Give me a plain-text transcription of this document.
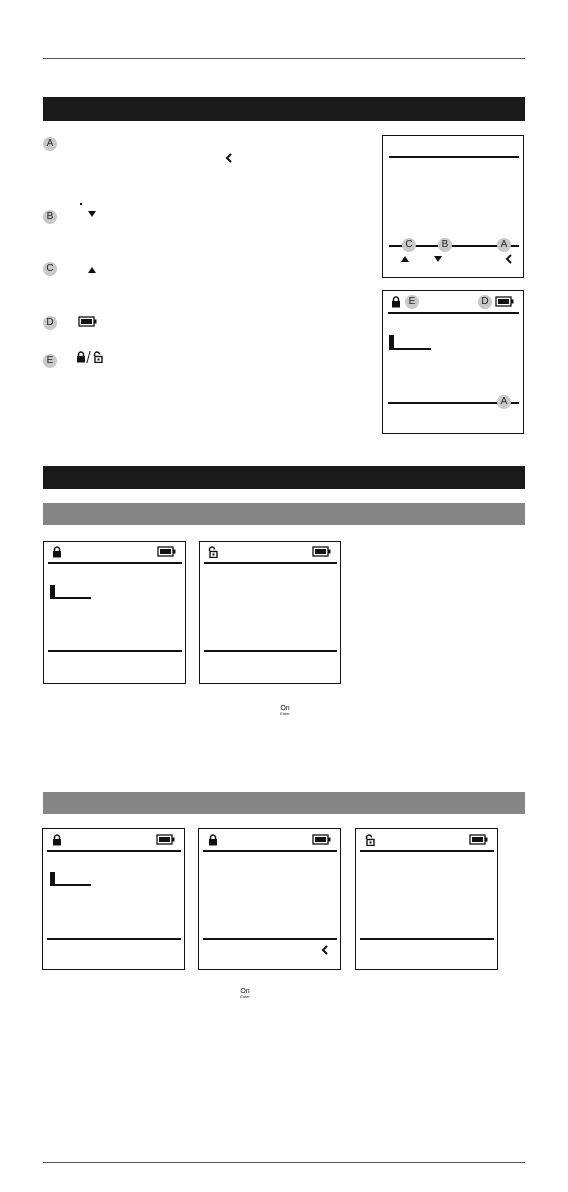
A
B
C
D
E
C	B	A
E	D
A
On
Enter
On
Enter
